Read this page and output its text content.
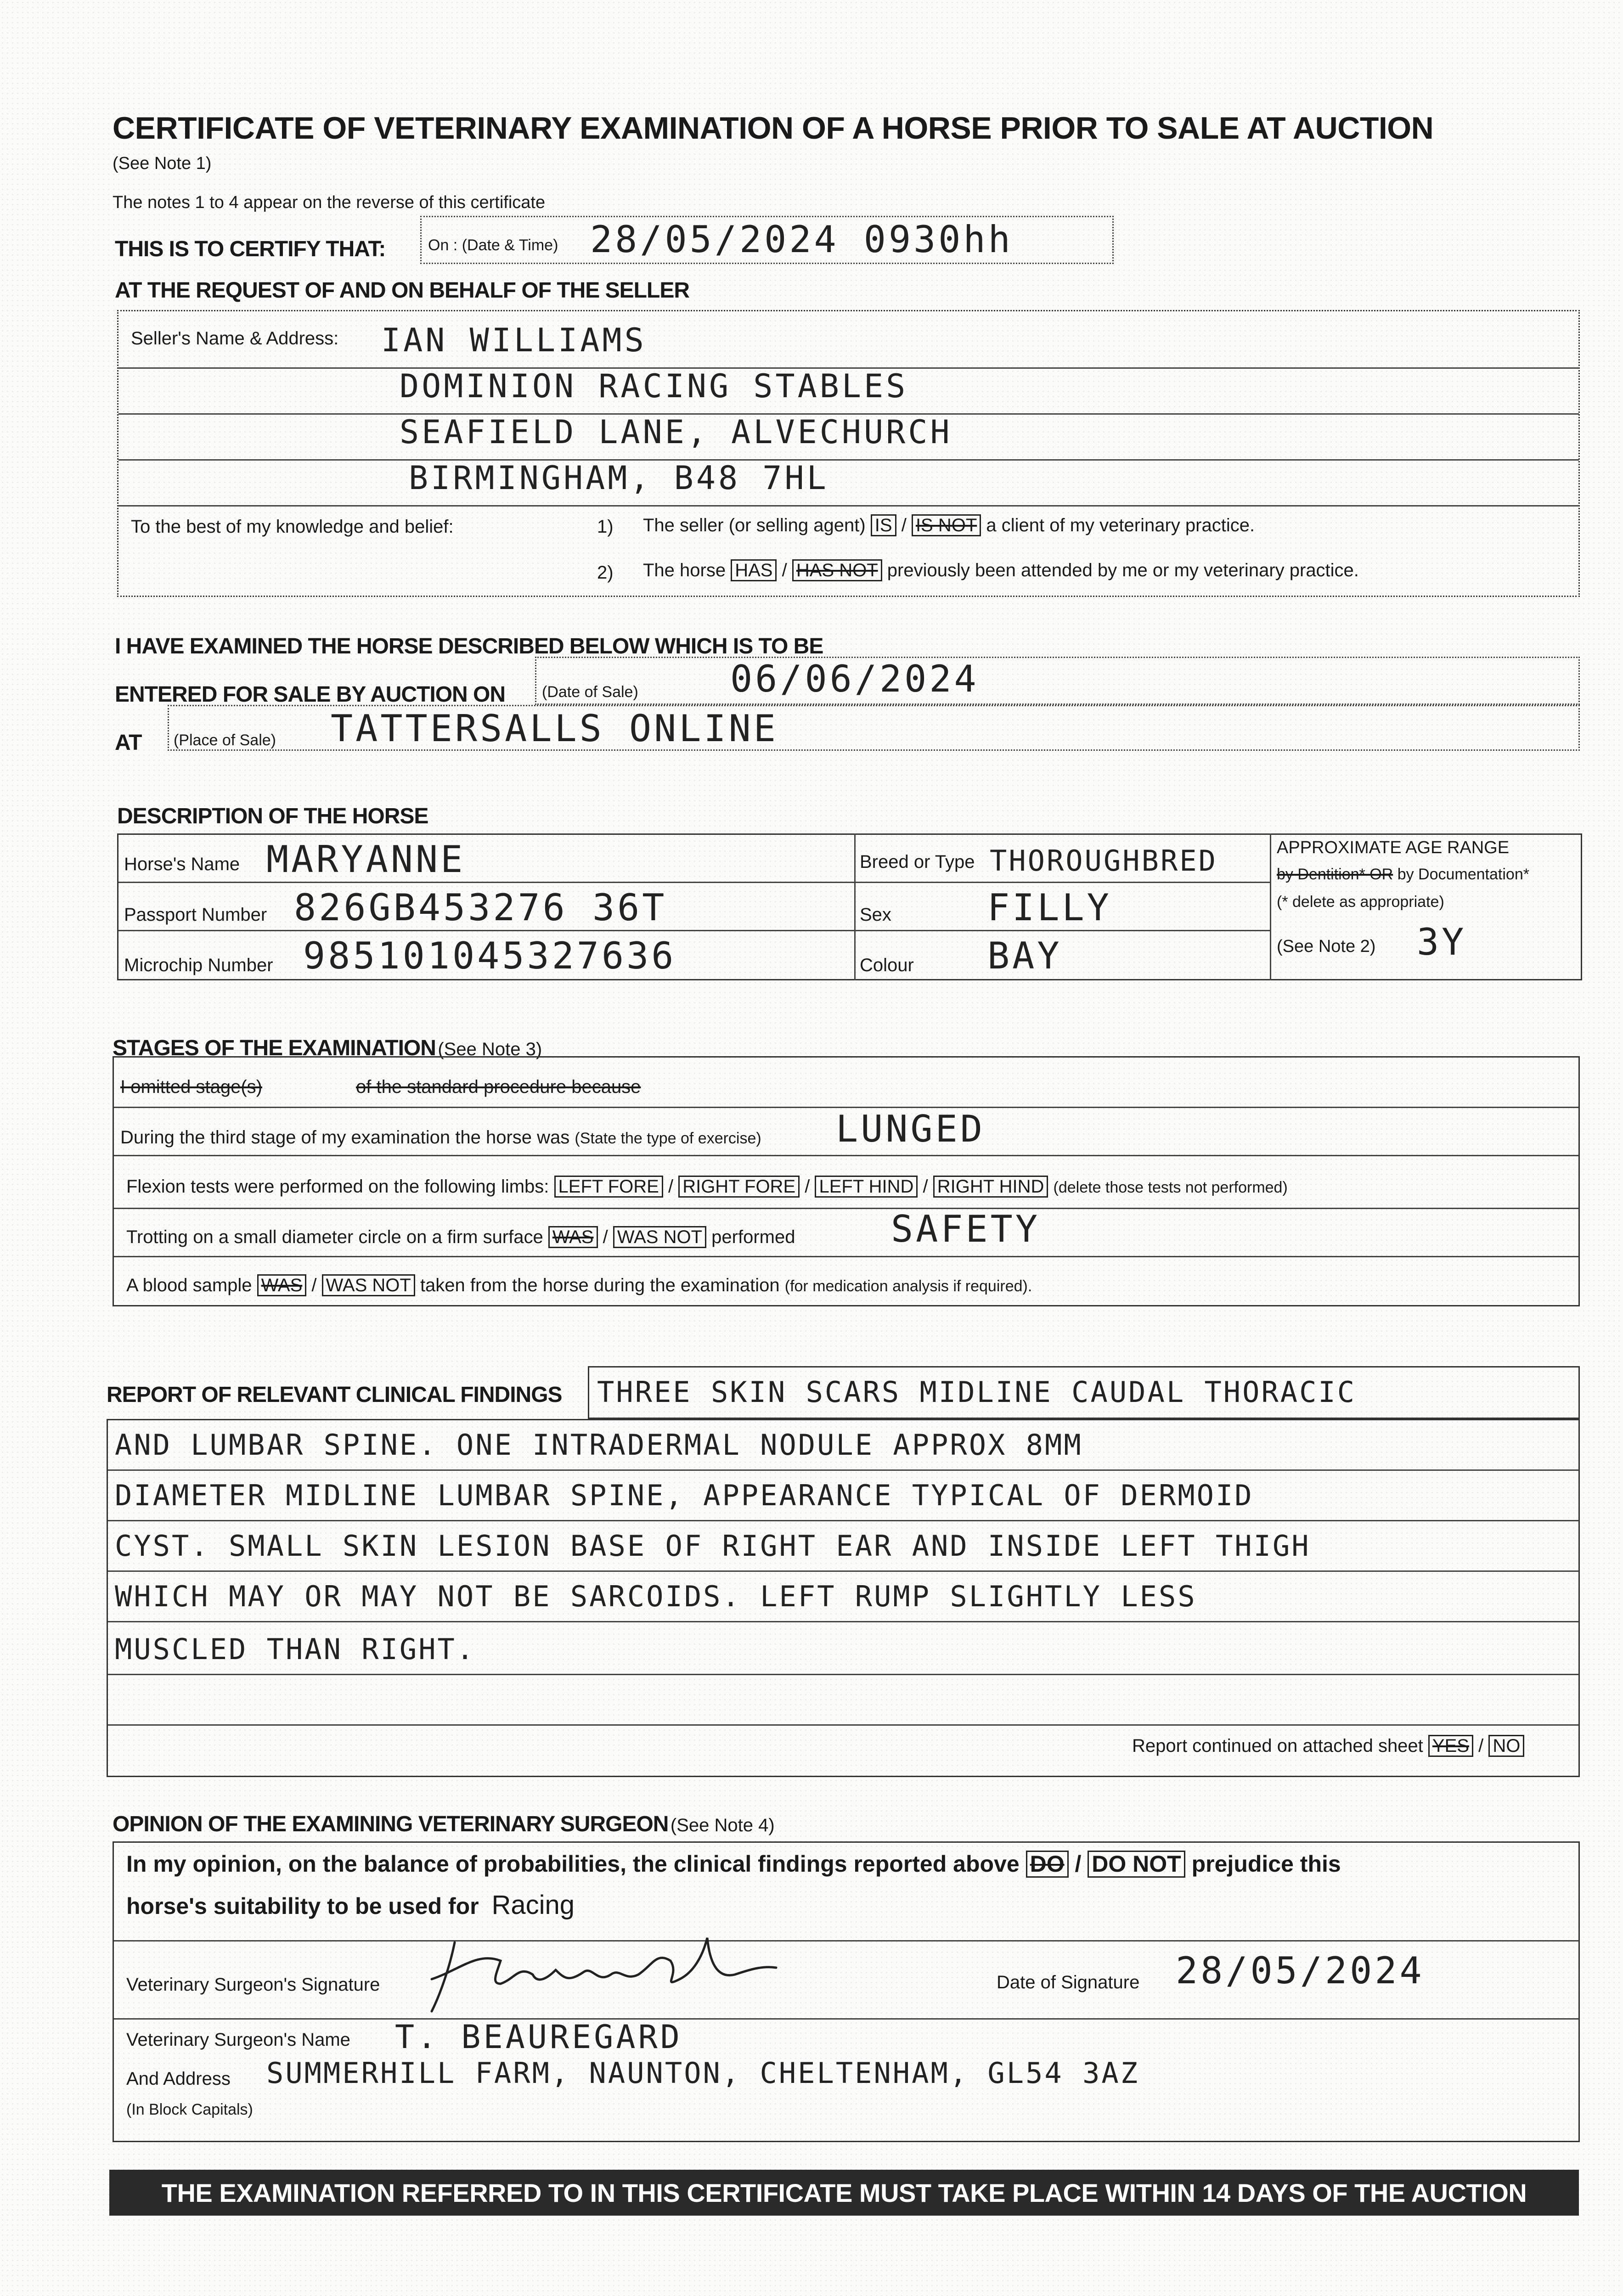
CERTIFICATE OF VETERINARY EXAMINATION OF A HORSE PRIOR TO SALE AT AUCTION
(See Note 1)
The notes 1 to 4 appear on the reverse of this certificate
THIS IS TO CERTIFY THAT:	On : (Date & Time) 28/05/2024 0930hh
AT THE REQUEST OF AND ON BEHALF OF THE SELLER
Seller's Name & Address: IAN WILLIAMS
DOMINION RACING STABLES
SEAFIELD LANE, ALVECHURCH
BIRMINGHAM, B48 7HL
To the best of my knowledge and belief:	1) The seller (or selling agent) IS / IS NOT a client of my veterinary practice.
2) The horse HAS / HAS NOT previously been attended by me or my veterinary practice.
I HAVE EXAMINED THE HORSE DESCRIBED BELOW WHICH IS TO BE
ENTERED FOR SALE BY AUCTION ON (Date of Sale)	06/06/2024
AT (Place of Sale) TATTERSALLS ONLINE
DESCRIPTION OF THE HORSE
Horse's Name MARYANNE
Passport Number 826GB453276 36T
Microchip Number 985101045327636
Breed or Type THOROUGHBRED
Sex	FILLY
Colour BAY
APPROXIMATE AGE RANGE
by Dentition* OR by Documentation*
(* delete as appropriate)
(See Note 2) 3Y
STAGES OF THE EXAMINATION (See Note 3)
I omitted stage(s)	of the standard procedure because
During the third stage of my examination the horse was (State the type of exercise) LUNGED
Flexion tests were performed on the following limbs: LEFT FORE / RIGHT FORE / LEFT HIND / RIGHT HIND (delete those tests not performed)
Trotting on a small diameter circle on a firm surface WAS / WAS NOT performed	SAFETY
A blood sample WAS / WAS NOT taken from the horse during the examination (for medication analysis if required).
REPORT OF RELEVANT CLINICAL FINDINGS THREE SKIN SCARS MIDLINE CAUDAL THORACIC
AND LUMBAR SPINE. ONE INTRADERMAL NODULE APPROX 8MM
DIAMETER MIDLINE LUMBAR SPINE, APPEARANCE TYPICAL OF DERMOID
CYST. SMALL SKIN LESION BASE OF RIGHT EAR AND INSIDE LEFT THIGH
WHICH MAY OR MAY NOT BE SARCOIDS. LEFT RUMP SLIGHTLY LESS
MUSCLED THAN RIGHT.
Report continued on attached sheet YES / NO
OPINION OF THE EXAMINING VETERINARY SURGEON (See Note 4)
In my opinion, on the balance of probabilities, the clinical findings reported above DO / DO NOT prejudice this
horse's suitability to be used for Racing
Veterinary Surgeon's Signature	Date of Signature 28/05/2024
Veterinary Surgeon's Name T. BEAUREGARD
And Address SUMMERHILL FARM, NAUNTON, CHELTENHAM, GL54 3AZ
(In Block Capitals)
THE EXAMINATION REFERRED TO IN THIS CERTIFICATE MUST TAKE PLACE WITHIN 14 DAYS OF THE AUCTION
